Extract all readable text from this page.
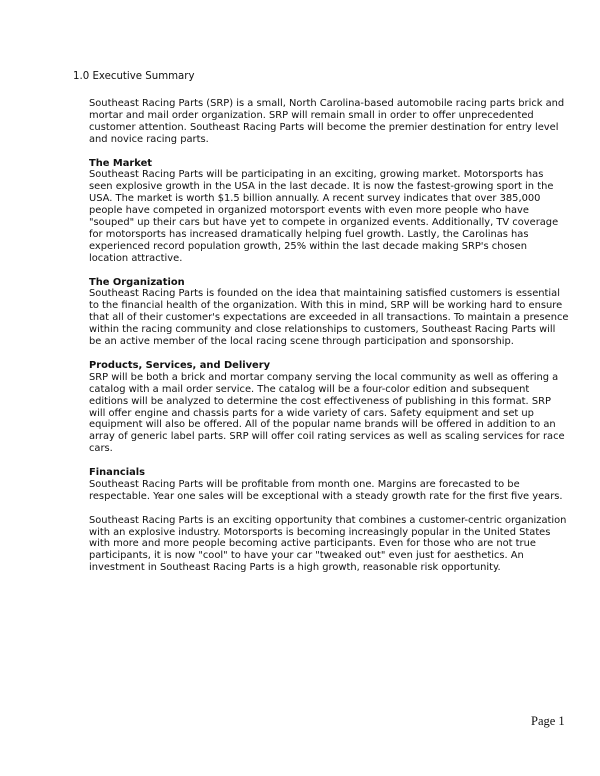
1.0 Executive Summary

Southeast Racing Parts (SRP) is a small, North Carolina-based automobile racing parts brick and mortar and mail order organization. SRP will remain small in order to offer unprecedented customer attention. Southeast Racing Parts will become the premier destination for entry level and novice racing parts.

The Market

Southeast Racing Parts will be participating in an exciting, growing market. Motorsports has seen explosive growth in the USA in the last decade. It is now the fastest-growing sport in the USA. The market is worth $1.5 billion annually. A recent survey indicates that over 385,000 people have competed in organized motorsport events with even more people who have "souped" up their cars but have yet to compete in organized events. Additionally, TV coverage for motorsports has increased dramatically helping fuel growth. Lastly, the Carolinas has experienced record population growth, 25% within the last decade making SRP's chosen location attractive.

The Organization

Southeast Racing Parts is founded on the idea that maintaining satisfied customers is essential to the financial health of the organization. With this in mind, SRP will be working hard to ensure that all of their customer's expectations are exceeded in all transactions. To maintain a presence within the racing community and close relationships to customers, Southeast Racing Parts will be an active member of the local racing scene through participation and sponsorship.

Products, Services, and Delivery

SRP will be both a brick and mortar company serving the local community as well as offering a catalog with a mail order service. The catalog will be a four-color edition and subsequent editions will be analyzed to determine the cost effectiveness of publishing in this format. SRP will offer engine and chassis parts for a wide variety of cars. Safety equipment and set up equipment will also be offered. All of the popular name brands will be offered in addition to an array of generic label parts. SRP will offer coil rating services as well as scaling services for race cars.

Financials

Southeast Racing Parts will be profitable from month one. Margins are forecasted to be respectable. Year one sales will be exceptional with a steady growth rate for the first five years.

Southeast Racing Parts is an exciting opportunity that combines a customer-centric organization with an explosive industry. Motorsports is becoming increasingly popular in the United States with more and more people becoming active participants. Even for those who are not true participants, it is now "cool" to have your car "tweaked out" even just for aesthetics. An investment in Southeast Racing Parts is a high growth, reasonable risk opportunity.

Page 1
